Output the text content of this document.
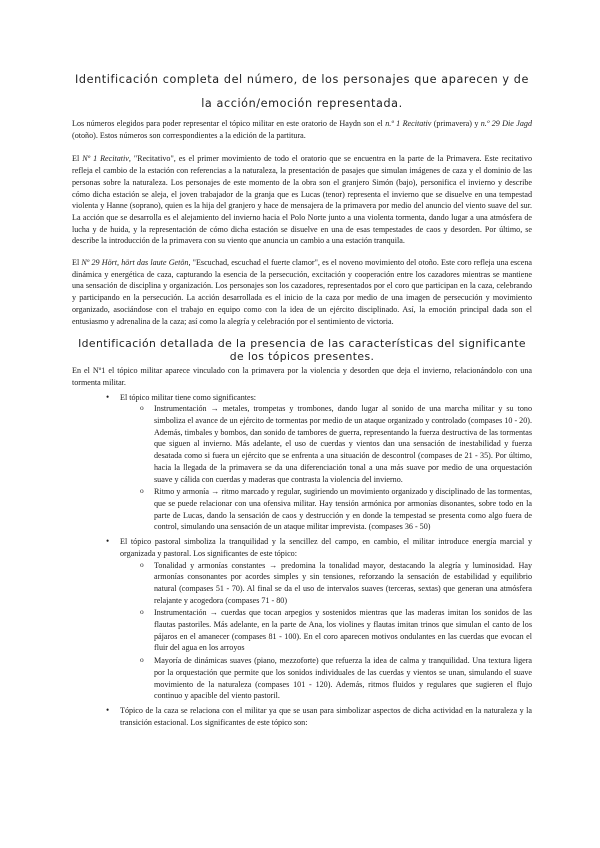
Identificación completa del número, de los personajes que aparecen y de la acción/emoción representada.

Los números elegidos para poder representar el tópico militar en este oratorio de Haydn son el n.º 1 Recitativ (primavera) y n.º 29 Die Jagd (otoño). Estos números son correspondientes a la edición de la partitura.

El Nº 1 Recitativ, "Recitativo", es el primer movimiento de todo el oratorio que se encuentra en la parte de la Primavera. Este recitativo refleja el cambio de la estación con referencias a la naturaleza, la presentación de pasajes que simulan imágenes de caza y el dominio de las personas sobre la naturaleza. Los personajes de este momento de la obra son el granjero Simón (bajo), personifica el invierno y describe cómo dicha estación se aleja, el joven trabajador de la granja que es Lucas (tenor) representa el invierno que se disuelve en una tempestad violenta y Hanne (soprano), quien es la hija del granjero y hace de mensajera de la primavera por medio del anuncio del viento suave del sur. La acción que se desarrolla es el alejamiento del invierno hacia el Polo Norte junto a una violenta tormenta, dando lugar a una atmósfera de lucha y de huida, y la representación de cómo dicha estación se disuelve en una de esas tempestades de caos y desorden. Por último, se describe la introducción de la primavera con su viento que anuncia un cambio a una estación tranquila.

El Nº 29 Hört, hört das laute Getön, "Escuchad, escuchad el fuerte clamor", es el noveno movimiento del otoño. Este coro refleja una escena dinámica y energética de caza, capturando la esencia de la persecución, excitación y cooperación entre los cazadores mientras se mantiene una sensación de disciplina y organización. Los personajes son los cazadores, representados por el coro que participan en la caza, celebrando y participando en la persecución. La acción desarrollada es el inicio de la caza por medio de una imagen de persecución y movimiento organizado, asociándose con el trabajo en equipo como con la idea de un ejército disciplinado. Así, la emoción principal dada son el entusiasmo y adrenalina de la caza; así como la alegría y celebración por el sentimiento de victoria.

Identificación detallada de la presencia de las características del significante de los tópicos presentes.

En el Nº1 el tópico militar aparece vinculado con la primavera por la violencia y desorden que deja el invierno, relacionándolo con una tormenta militar.

• El tópico militar tiene como significantes:
o Instrumentación → metales, trompetas y trombones, dando lugar al sonido de una marcha militar y su tono simboliza el avance de un ejército de tormentas por medio de un ataque organizado y controlado (compases 10 - 20). Además, timbales y bombos, dan sonido de tambores de guerra, representando la fuerza destructiva de las tormentas que siguen al invierno. Más adelante, el uso de cuerdas y vientos dan una sensación de inestabilidad y fuerza desatada como si fuera un ejército que se enfrenta a una situación de descontrol (compases de 21 - 35). Por último, hacia la llegada de la primavera se da una diferenciación tonal a una más suave por medio de una orquestación suave y cálida con cuerdas y maderas que contrasta la violencia del invierno.
o Ritmo y armonía → ritmo marcado y regular, sugiriendo un movimiento organizado y disciplinado de las tormentas, que se puede relacionar con una ofensiva militar. Hay tensión armónica por armonías disonantes, sobre todo en la parte de Lucas, dando la sensación de caos y destrucción y en donde la tempestad se presenta como algo fuera de control, simulando una sensación de un ataque militar imprevista. (compases 36 - 50)
• El tópico pastoral simboliza la tranquilidad y la sencillez del campo, en cambio, el militar introduce energía marcial y organizada y pastoral. Los significantes de este tópico:
o Tonalidad y armonías constantes → predomina la tonalidad mayor, destacando la alegría y luminosidad. Hay armonías consonantes por acordes simples y sin tensiones, reforzando la sensación de estabilidad y equilibrio natural (compases 51 - 70). Al final se da el uso de intervalos suaves (terceras, sextas) que generan una atmósfera relajante y acogedora (compases 71 - 80)
o Instrumentación → cuerdas que tocan arpegios y sostenidos mientras que las maderas imitan los sonidos de las flautas pastoriles. Más adelante, en la parte de Ana, los violines y flautas imitan trinos que simulan el canto de los pájaros en el amanecer (compases 81 - 100). En el coro aparecen motivos ondulantes en las cuerdas que evocan el fluir del agua en los arroyos
o Mayoría de dinámicas suaves (piano, mezzoforte) que refuerza la idea de calma y tranquilidad. Una textura ligera por la orquestación que permite que los sonidos individuales de las cuerdas y vientos se unan, simulando el suave movimiento de la naturaleza (compases 101 - 120). Además, ritmos fluidos y regulares que sugieren el flujo continuo y apacible del viento pastoril.
• Tópico de la caza se relaciona con el militar ya que se usan para simbolizar aspectos de dicha actividad en la naturaleza y la transición estacional. Los significantes de este tópico son:
